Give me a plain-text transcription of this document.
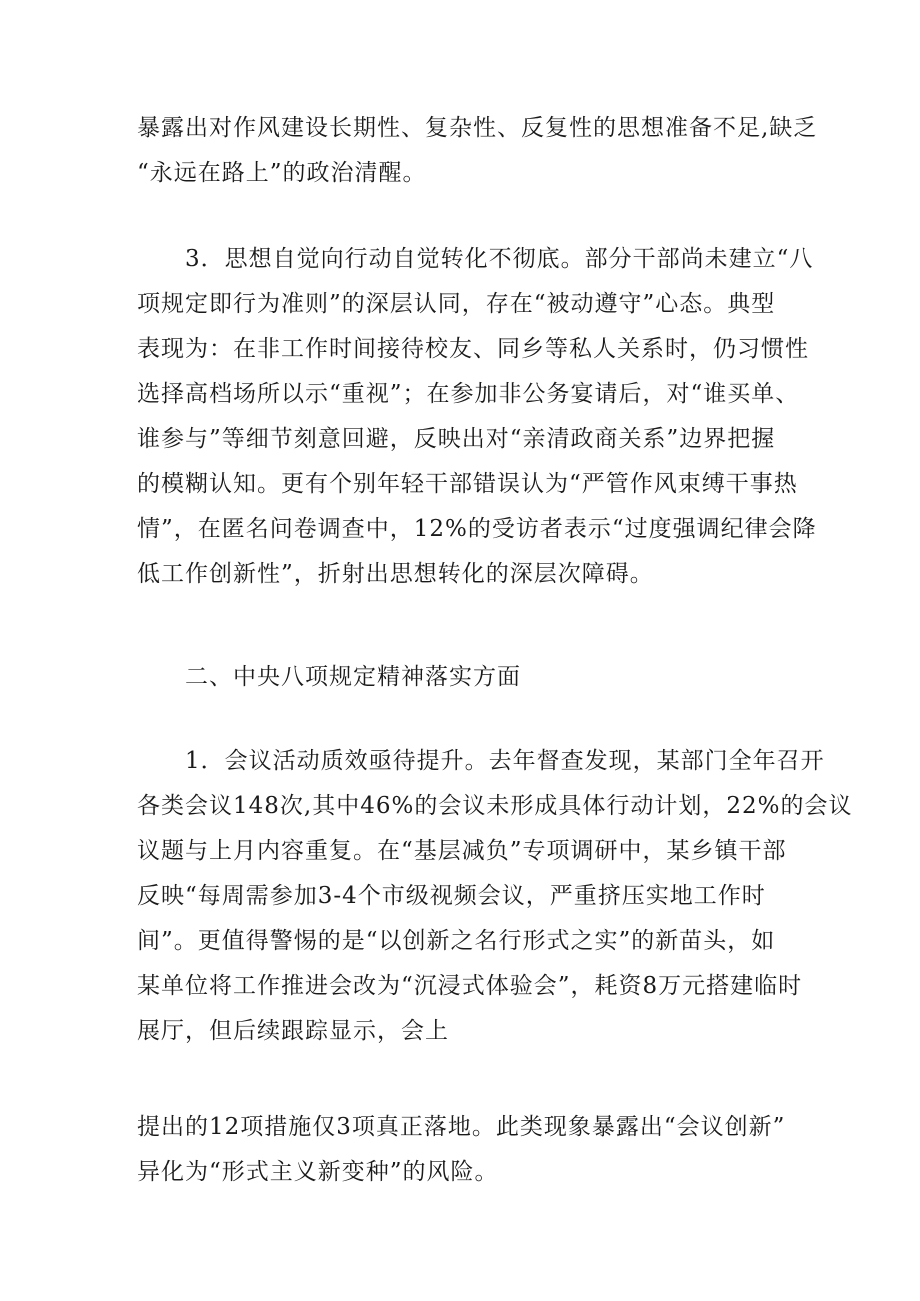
暴露出对作风建设长期性、复杂性、反复性的思想准备不足,缺乏
“永远在路上”的政治清醒。
　　3．思想自觉向行动自觉转化不彻底。部分干部尚未建立“八
项规定即行为准则”的深层认同，存在“被动遵守”心态。典型
表现为：在非工作时间接待校友、同乡等私人关系时，仍习惯性
选择高档场所以示“重视”；在参加非公务宴请后，对“谁买单、
谁参与”等细节刻意回避，反映出对“亲清政商关系”边界把握
的模糊认知。更有个别年轻干部错误认为“严管作风束缚干事热
情”，在匿名问卷调查中，12%的受访者表示“过度强调纪律会降
低工作创新性”，折射出思想转化的深层次障碍。
　　二、中央八项规定精神落实方面
　　1．会议活动质效亟待提升。去年督查发现，某部门全年召开
各类会议148次,其中46%的会议未形成具体行动计划，22%的会议
议题与上月内容重复。在“基层减负”专项调研中，某乡镇干部
反映“每周需参加3-4个市级视频会议，严重挤压实地工作时
间”。更值得警惕的是“以创新之名行形式之实”的新苗头，如
某单位将工作推进会改为“沉浸式体验会”，耗资8万元搭建临时
展厅，但后续跟踪显示，会上
提出的12项措施仅3项真正落地。此类现象暴露出“会议创新”
异化为“形式主义新变种”的风险。
